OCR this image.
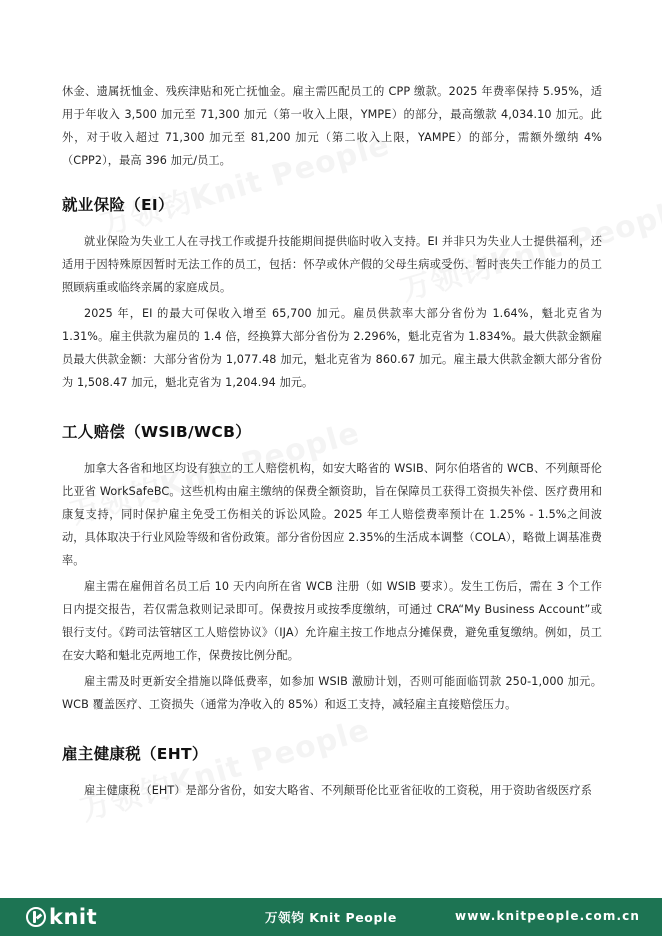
休金、遗属抚恤金、残疾津贴和死亡抚恤金。雇主需匹配员工的 CPP 缴款。2025 年费率保持 5.95%，适用于年收入 3,500 加元至 71,300 加元（第一收入上限，YMPE）的部分，最高缴款 4,034.10 加元。此外，对于收入超过 71,300 加元至 81,200 加元（第二收入上限，YAMPE）的部分，需额外缴纳 4%（CPP2），最高 396 加元/员工。

就业保险（EI）

就业保险为失业工人在寻找工作或提升技能期间提供临时收入支持。EI 并非只为失业人士提供福利，还适用于因特殊原因暂时无法工作的员工，包括：怀孕或休产假的父母生病或受伤、暂时丧失工作能力的员工照顾病重或临终亲属的家庭成员。

2025 年，EI 的最大可保收入增至 65,700 加元。雇员供款率大部分省份为 1.64%，魁北克省为 1.31%。雇主供款为雇员的 1.4 倍，经换算大部分省份为 2.296%，魁北克省为 1.834%。最大供款金额雇员最大供款金额：大部分省份为 1,077.48 加元，魁北克省为 860.67 加元。雇主最大供款金额大部分省份为 1,508.47 加元，魁北克省为 1,204.94 加元。

工人赔偿（WSIB/WCB）

加拿大各省和地区均设有独立的工人赔偿机构，如安大略省的 WSIB、阿尔伯塔省的 WCB、不列颠哥伦比亚省 WorkSafeBC。这些机构由雇主缴纳的保费全额资助，旨在保障员工获得工资损失补偿、医疗费用和康复支持，同时保护雇主免受工伤相关的诉讼风险。2025 年工人赔偿费率预计在 1.25% - 1.5%之间波动，具体取决于行业风险等级和省份政策。部分省份因应 2.35%的生活成本调整（COLA），略微上调基准费率。

雇主需在雇佣首名员工后 10 天内向所在省 WCB 注册（如 WSIB 要求）。发生工伤后，需在 3 个工作日内提交报告，若仅需急救则记录即可。保费按月或按季度缴纳，可通过 CRA“My Business Account”或银行支付。《跨司法管辖区工人赔偿协议》（IJA）允许雇主按工作地点分摊保费，避免重复缴纳。例如，员工在安大略和魁北克两地工作，保费按比例分配。

雇主需及时更新安全措施以降低费率，如参加 WSIB 激励计划，否则可能面临罚款 250-1,000 加元。WCB 覆盖医疗、工资损失（通常为净收入的 85%）和返工支持，减轻雇主直接赔偿压力。

雇主健康税（EHT）

雇主健康税（EHT）是部分省份，如安大略省、不列颠哥伦比亚省征收的工资税，用于资助省级医疗系

knit	万领钧 Knit People	www.knitpeople.com.cn
